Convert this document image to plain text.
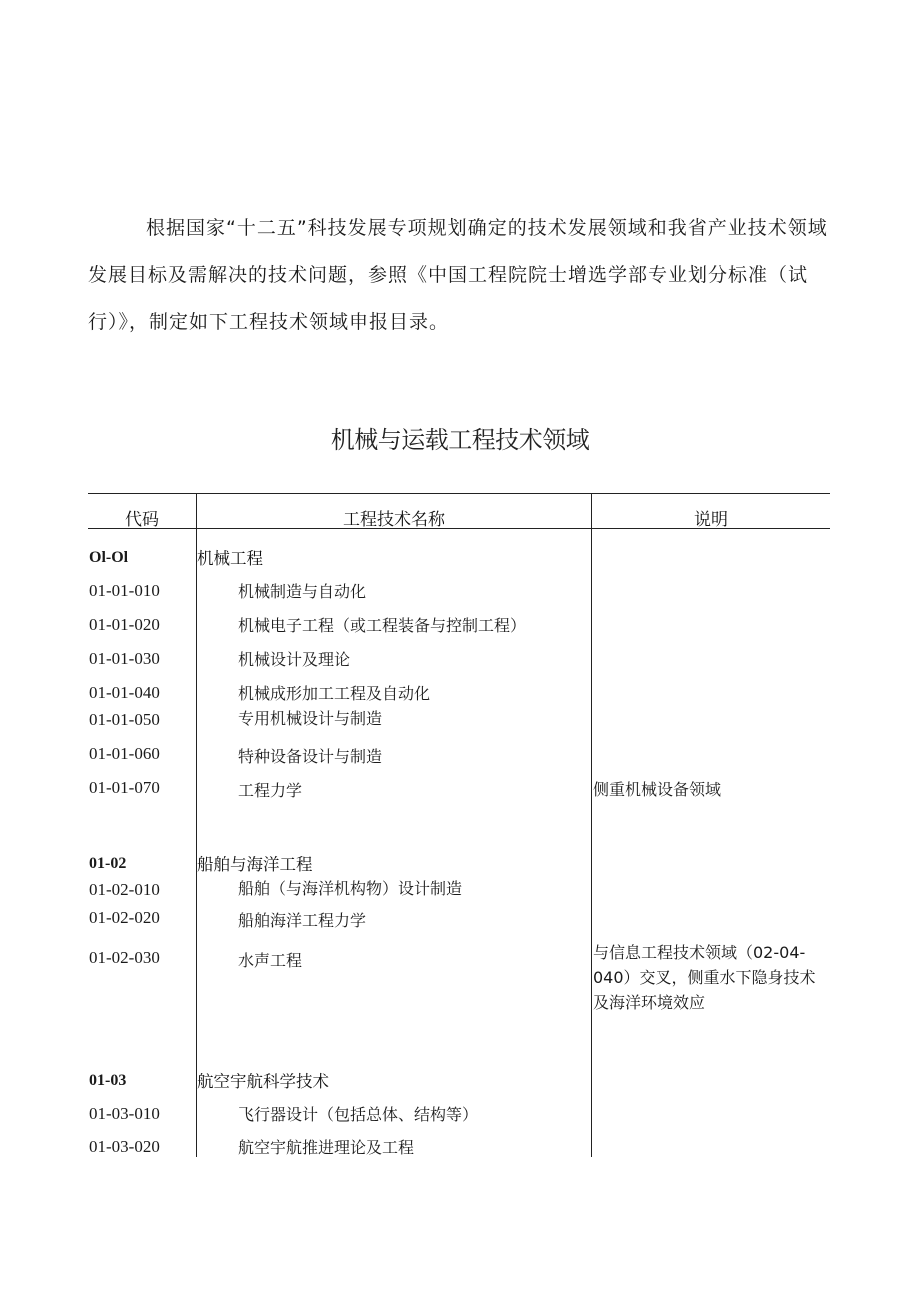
根据国家“十二五”科技发展专项规划确定的技术发展领域和我省产业技术领域发展目标及需解决的技术问题，参照《中国工程院院士增选学部专业划分标准（试行）》，制定如下工程技术领域申报目录。

机械与运载工程技术领域
代码	工程技术名称	说明
Ol-Ol	机械工程
01-01-010	机械制造与自动化
01-01-020	机械电子工程（或工程装备与控制工程）
01-01-030	机械设计及理论
01-01-040	机械成形加工工程及自动化
01-01-050	专用机械设计与制造
01-01-060	特种设备设计与制造
01-01-070	工程力学	侧重机械设备领域
01-02	船舶与海洋工程
01-02-010	船舶（与海洋机构物）设计制造
01-02-020	船舶海洋工程力学
01-02-030	水声工程	与信息工程技术领域（02-04-040）交叉，侧重水下隐身技术及海洋环境效应
01-03	航空宇航科学技术
01-03-010	飞行器设计（包括总体、结构等）
01-03-020	航空宇航推进理论及工程
